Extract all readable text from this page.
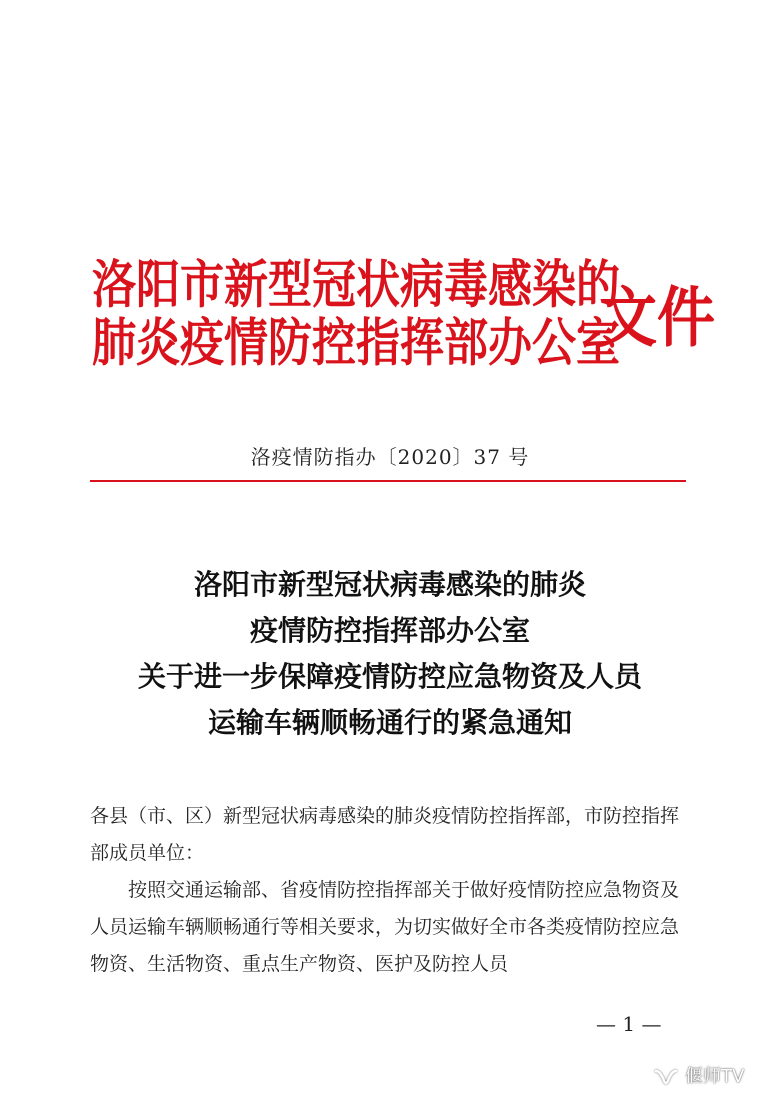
洛阳市新型冠状病毒感染的
肺炎疫情防控指挥部办公室
文件
洛疫情防指办〔2020〕37 号
洛阳市新型冠状病毒感染的肺炎
疫情防控指挥部办公室
关于进一步保障疫情防控应急物资及人员
运输车辆顺畅通行的紧急通知

各县（市、区）新型冠状病毒感染的肺炎疫情防控指挥部，市防控指挥部成员单位：

按照交通运输部、省疫情防控指挥部关于做好疫情防控应急物资及人员运输车辆顺畅通行等相关要求，为切实做好全市各类疫情防控应急物资、生活物资、重点生产物资、医护及防控人员

— 1 —
偃师TV
